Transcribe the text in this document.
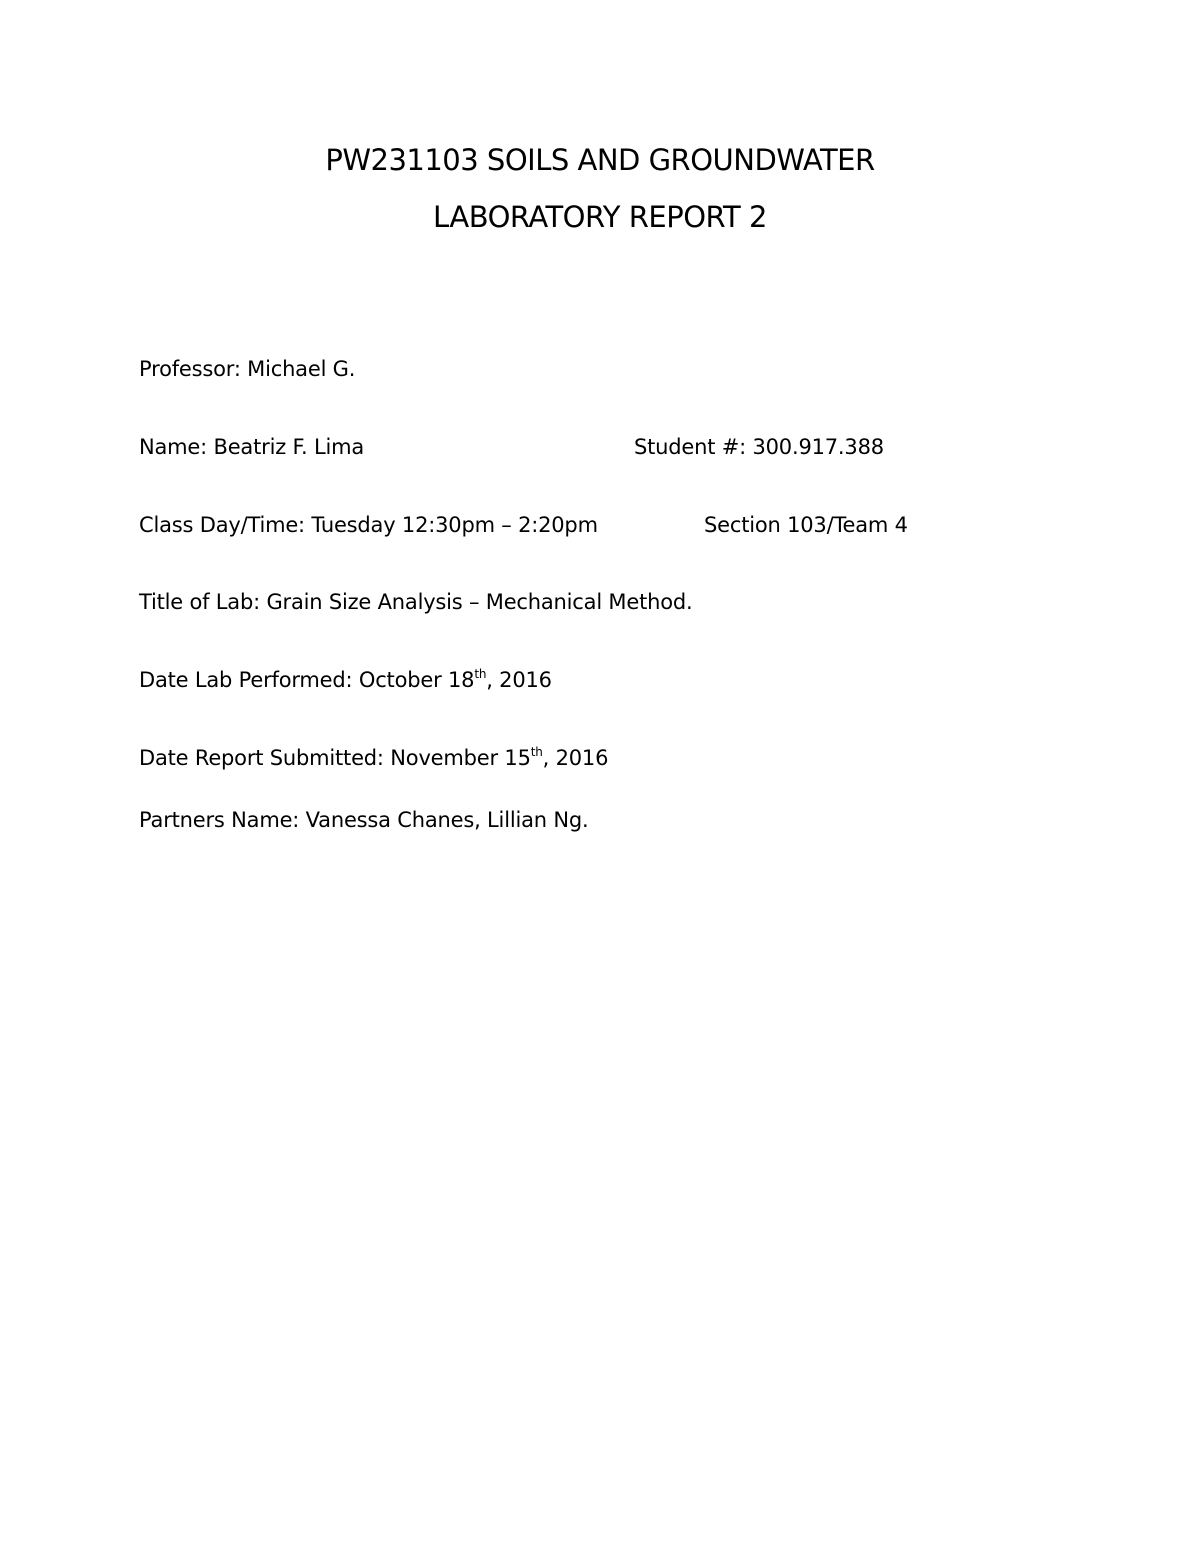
PW231103 SOILS AND GROUNDWATER
LABORATORY REPORT 2
Professor: Michael G.
Name: Beatriz F. Lima	Student #: 300.917.388
Class Day/Time: Tuesday 12:30pm – 2:20pm	Section 103/Team 4
Title of Lab: Grain Size Analysis – Mechanical Method.
Date Lab Performed: October 18th, 2016
Date Report Submitted: November 15th, 2016
Partners Name: Vanessa Chanes, Lillian Ng.
